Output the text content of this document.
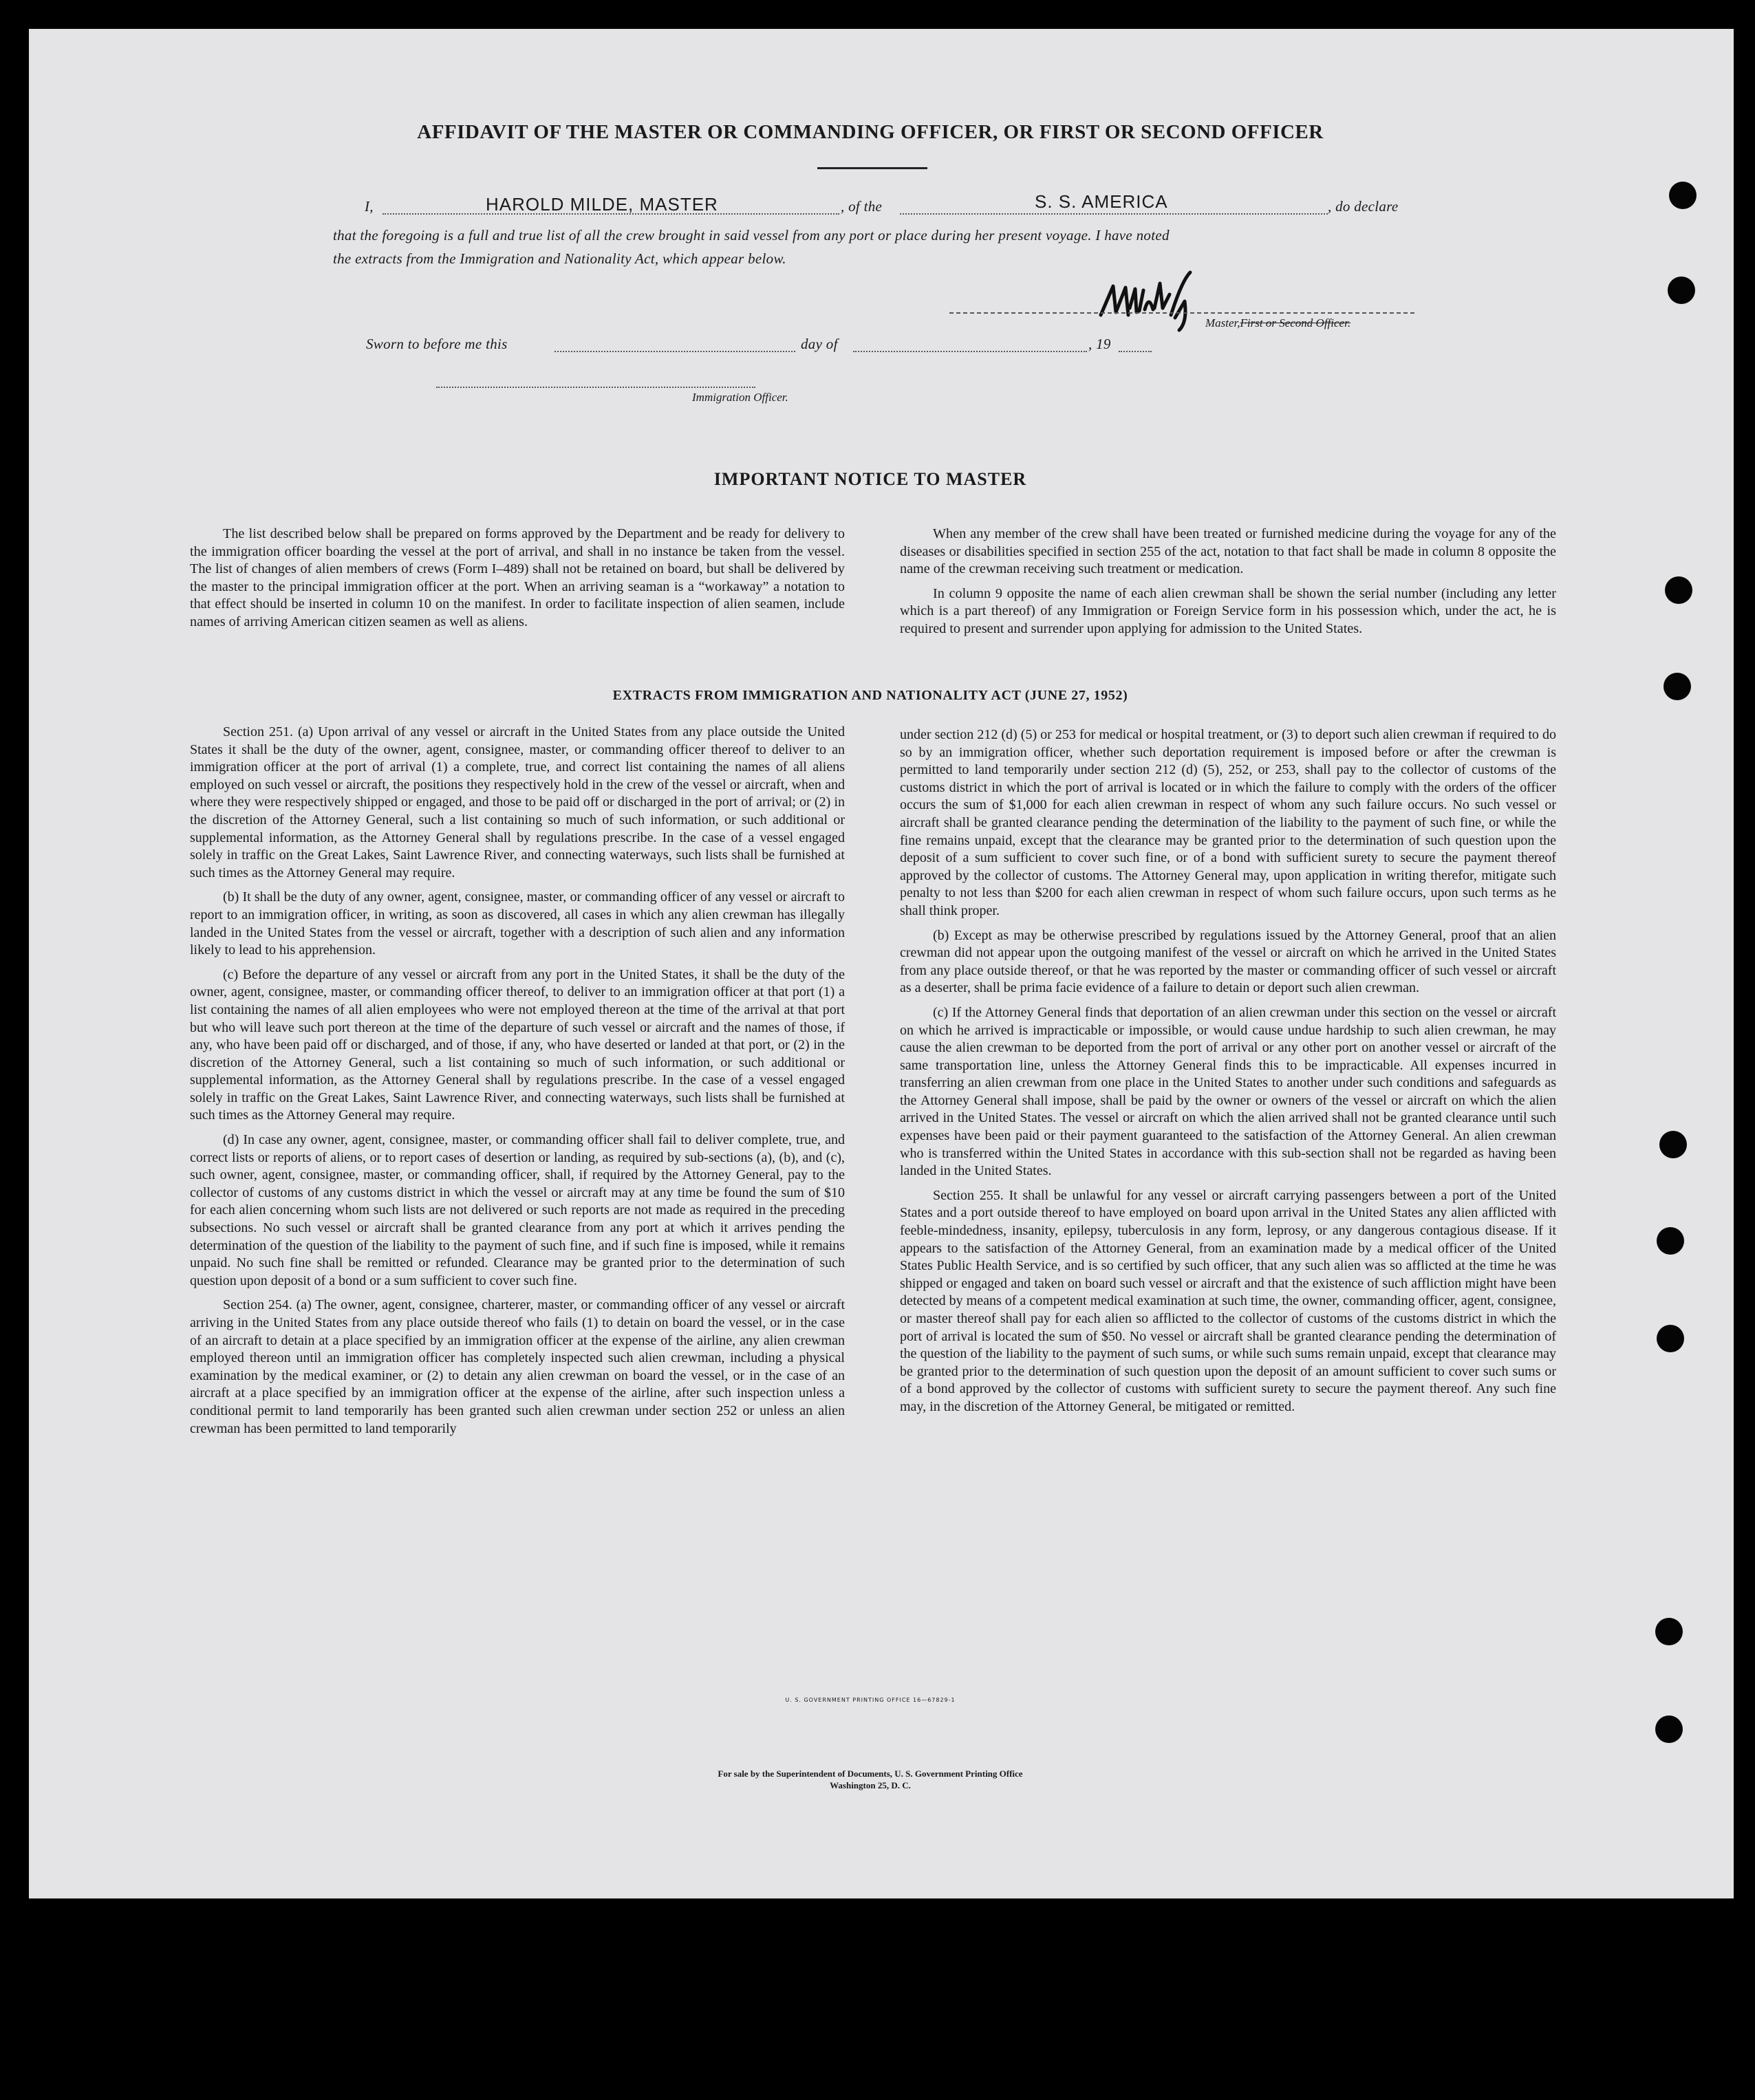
AFFIDAVIT OF THE MASTER OR COMMANDING OFFICER, OR FIRST OR SECOND OFFICER
I,	HAROLD MILDE, MASTER	, of the	S. S. AMERICA	, do declare
that the foregoing is a full and true list of all the crew brought in said vessel from any port or place during her present voyage. I have noted
the extracts from the Immigration and Nationality Act, which appear below.
Master,First or Second Officer.
Sworn to before me this	day of	, 19
Immigration Officer.
IMPORTANT NOTICE TO MASTER

The list described below shall be prepared on forms approved by the Department and be ready for delivery to the immigration officer boarding the vessel at the port of arrival, and shall in no instance be taken from the vessel. The list of changes of alien members of crews (Form I–489) shall not be retained on board, but shall be delivered by the master to the principal immigration officer at the port. When an arriving seaman is a “workaway” a notation to that effect should be inserted in column 10 on the manifest. In order to facilitate inspection of alien seamen, include names of arriving American citizen seamen as well as aliens.

When any member of the crew shall have been treated or furnished medicine during the voyage for any of the diseases or disabilities specified in section 255 of the act, notation to that fact shall be made in column 8 opposite the name of the crewman receiving such treatment or medication.

In column 9 opposite the name of each alien crewman shall be shown the serial number (including any letter which is a part thereof) of any Immigration or Foreign Service form in his possession which, under the act, he is required to present and surrender upon applying for admission to the United States.

EXTRACTS FROM IMMIGRATION AND NATIONALITY ACT (JUNE 27, 1952)

Section 251. (a) Upon arrival of any vessel or aircraft in the United States from any place outside the United States it shall be the duty of the owner, agent, consignee, master, or commanding officer thereof to deliver to an immigration officer at the port of arrival (1) a complete, true, and correct list containing the names of all aliens employed on such vessel or aircraft, the positions they respectively hold in the crew of the vessel or aircraft, when and where they were respectively shipped or engaged, and those to be paid off or discharged in the port of arrival; or (2) in the discretion of the Attorney General, such a list containing so much of such information, or such additional or supplemental information, as the Attorney General shall by regulations prescribe. In the case of a vessel engaged solely in traffic on the Great Lakes, Saint Lawrence River, and connecting waterways, such lists shall be furnished at such times as the Attorney General may require.

(b) It shall be the duty of any owner, agent, consignee, master, or commanding officer of any vessel or aircraft to report to an immigration officer, in writing, as soon as discovered, all cases in which any alien crewman has illegally landed in the United States from the vessel or aircraft, together with a description of such alien and any information likely to lead to his apprehension.

(c) Before the departure of any vessel or aircraft from any port in the United States, it shall be the duty of the owner, agent, consignee, master, or commanding officer thereof, to deliver to an immigration officer at that port (1) a list containing the names of all alien employees who were not employed thereon at the time of the arrival at that port but who will leave such port thereon at the time of the departure of such vessel or aircraft and the names of those, if any, who have been paid off or discharged, and of those, if any, who have deserted or landed at that port, or (2) in the discretion of the Attorney General, such a list containing so much of such information, or such additional or supplemental information, as the Attorney General shall by regulations prescribe. In the case of a vessel engaged solely in traffic on the Great Lakes, Saint Lawrence River, and connecting waterways, such lists shall be furnished at such times as the Attorney General may require.

(d) In case any owner, agent, consignee, master, or commanding officer shall fail to deliver complete, true, and correct lists or reports of aliens, or to report cases of desertion or landing, as required by sub-sections (a), (b), and (c), such owner, agent, consignee, master, or commanding officer, shall, if required by the Attorney General, pay to the collector of customs of any customs district in which the vessel or aircraft may at any time be found the sum of $10 for each alien concerning whom such lists are not delivered or such reports are not made as required in the preceding subsections. No such vessel or aircraft shall be granted clearance from any port at which it arrives pending the determination of the question of the liability to the payment of such fine, and if such fine is imposed, while it remains unpaid. No such fine shall be remitted or refunded. Clearance may be granted prior to the determination of such question upon deposit of a bond or a sum sufficient to cover such fine.

Section 254. (a) The owner, agent, consignee, charterer, master, or commanding officer of any vessel or aircraft arriving in the United States from any place outside thereof who fails (1) to detain on board the vessel, or in the case of an aircraft to detain at a place specified by an immigration officer at the expense of the airline, any alien crewman employed thereon until an immigration officer has completely inspected such alien crewman, including a physical examination by the medical examiner, or (2) to detain any alien crewman on board the vessel, or in the case of an aircraft at a place specified by an immigration officer at the expense of the airline, after such inspection unless a conditional permit to land temporarily has been granted such alien crewman under section 252 or unless an alien crewman has been permitted to land temporarily

under section 212 (d) (5) or 253 for medical or hospital treatment, or (3) to deport such alien crewman if required to do so by an immigration officer, whether such deportation requirement is imposed before or after the crewman is permitted to land temporarily under section 212 (d) (5), 252, or 253, shall pay to the collector of customs of the customs district in which the port of arrival is located or in which the failure to comply with the orders of the officer occurs the sum of $1,000 for each alien crewman in respect of whom any such failure occurs. No such vessel or aircraft shall be granted clearance pending the determination of the liability to the payment of such fine, or while the fine remains unpaid, except that the clearance may be granted prior to the determination of such question upon the deposit of a sum sufficient to cover such fine, or of a bond with sufficient surety to secure the payment thereof approved by the collector of customs. The Attorney General may, upon application in writing therefor, mitigate such penalty to not less than $200 for each alien crewman in respect of whom such failure occurs, upon such terms as he shall think proper.

(b) Except as may be otherwise prescribed by regulations issued by the Attorney General, proof that an alien crewman did not appear upon the outgoing manifest of the vessel or aircraft on which he arrived in the United States from any place outside thereof, or that he was reported by the master or commanding officer of such vessel or aircraft as a deserter, shall be prima facie evidence of a failure to detain or deport such alien crewman.

(c) If the Attorney General finds that deportation of an alien crewman under this section on the vessel or aircraft on which he arrived is impracticable or impossible, or would cause undue hardship to such alien crewman, he may cause the alien crewman to be deported from the port of arrival or any other port on another vessel or aircraft of the same transportation line, unless the Attorney General finds this to be impracticable. All expenses incurred in transferring an alien crewman from one place in the United States to another under such conditions and safeguards as the Attorney General shall impose, shall be paid by the owner or owners of the vessel or aircraft on which the alien arrived in the United States. The vessel or aircraft on which the alien arrived shall not be granted clearance until such expenses have been paid or their payment guaranteed to the satisfaction of the Attorney General. An alien crewman who is transferred within the United States in accordance with this sub-section shall not be regarded as having been landed in the United States.

Section 255. It shall be unlawful for any vessel or aircraft carrying passengers between a port of the United States and a port outside thereof to have employed on board upon arrival in the United States any alien afflicted with feeble-mindedness, insanity, epilepsy, tuberculosis in any form, leprosy, or any dangerous contagious disease. If it appears to the satisfaction of the Attorney General, from an examination made by a medical officer of the United States Public Health Service, and is so certified by such officer, that any such alien was so afflicted at the time he was shipped or engaged and taken on board such vessel or aircraft and that the existence of such affliction might have been detected by means of a competent medical examination at such time, the owner, commanding officer, agent, consignee, or master thereof shall pay for each alien so afflicted to the collector of customs of the customs district in which the port of arrival is located the sum of $50. No vessel or aircraft shall be granted clearance pending the determination of the question of the liability to the payment of such sums, or while such sums remain unpaid, except that clearance may be granted prior to the determination of such question upon the deposit of an amount sufficient to cover such sums or of a bond approved by the collector of customs with sufficient surety to secure the payment thereof. Any such fine may, in the discretion of the Attorney General, be mitigated or remitted.

U. S. GOVERNMENT PRINTING OFFICE 16—67829-1
For sale by the Superintendent of Documents, U. S. Government Printing Office
Washington 25, D. C.
